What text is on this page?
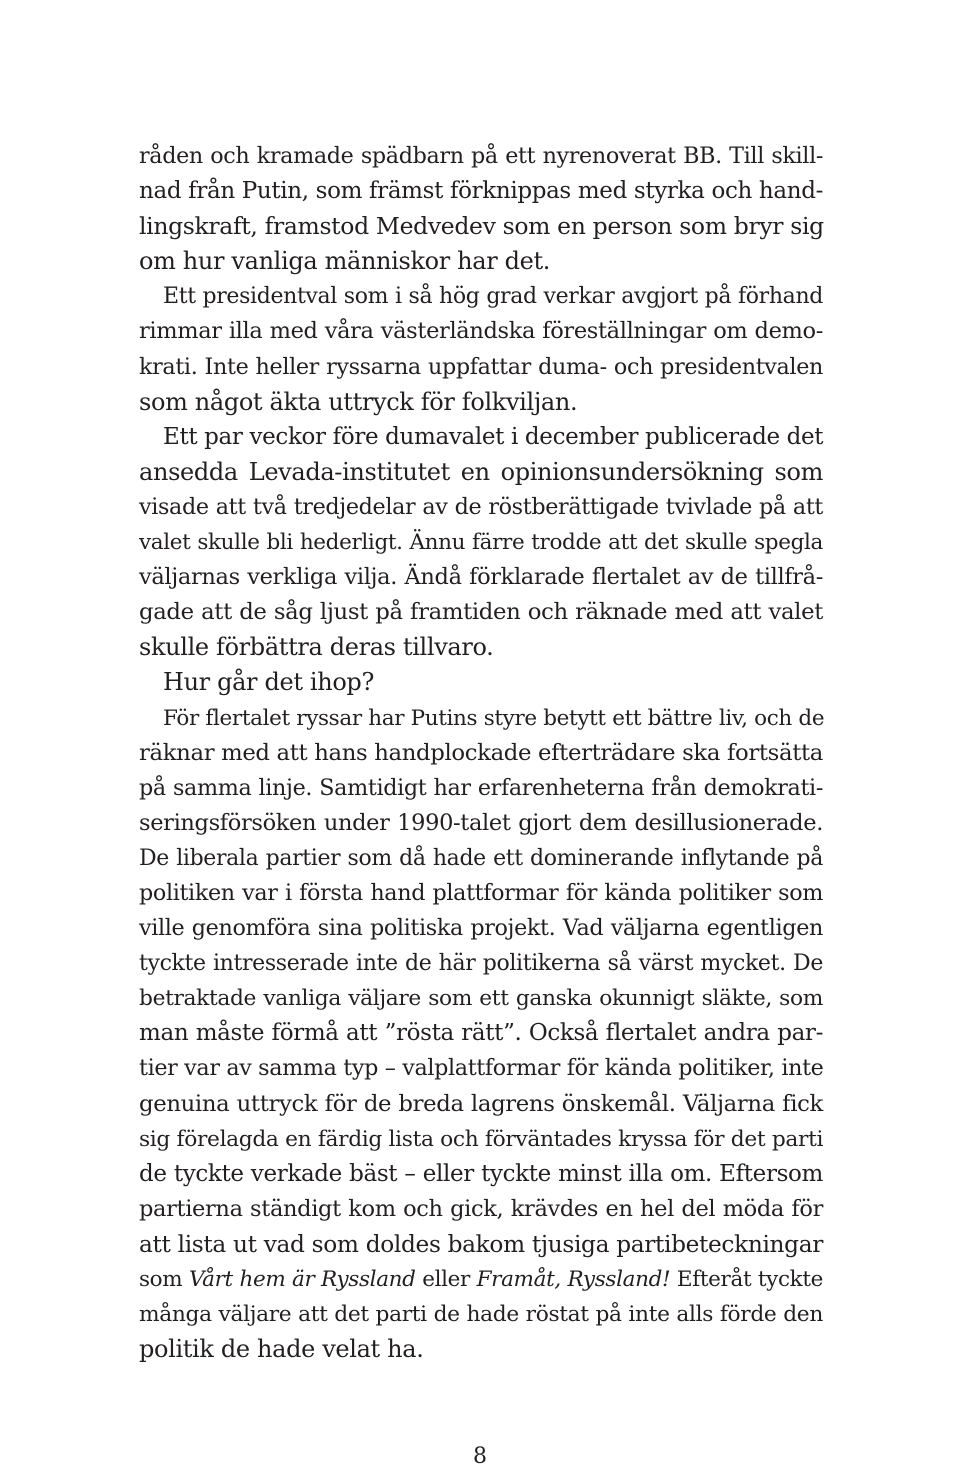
råden och kramade spädbarn på ett nyrenoverat BB. Till skill-
nad från Putin, som främst förknippas med styrka och hand-
lingskraft, framstod Medvedev som en person som bryr sig
om hur vanliga människor har det.
Ett presidentval som i så hög grad verkar avgjort på förhand
rimmar illa med våra västerländska föreställningar om demo-
krati. Inte heller ryssarna uppfattar duma- och presidentvalen
som något äkta uttryck för folkviljan.
Ett par veckor före dumavalet i december publicerade det
ansedda Levada-institutet en opinionsundersökning som
visade att två tredjedelar av de röstberättigade tvivlade på att
valet skulle bli hederligt. Ännu färre trodde att det skulle spegla
väljarnas verkliga vilja. Ändå förklarade flertalet av de tillfrå-
gade att de såg ljust på framtiden och räknade med att valet
skulle förbättra deras tillvaro.
Hur går det ihop?
För flertalet ryssar har Putins styre betytt ett bättre liv, och de
räknar med att hans handplockade efterträdare ska fortsätta
på samma linje. Samtidigt har erfarenheterna från demokrati-
seringsförsöken under 1990-talet gjort dem desillusionerade.
De liberala partier som då hade ett dominerande inflytande på
politiken var i första hand plattformar för kända politiker som
ville genomföra sina politiska projekt. Vad väljarna egentligen
tyckte intresserade inte de här politikerna så värst mycket. De
betraktade vanliga väljare som ett ganska okunnigt släkte, som
man måste förmå att ”rösta rätt”. Också flertalet andra par-
tier var av samma typ – valplattformar för kända politiker, inte
genuina uttryck för de breda lagrens önskemål. Väljarna fick
sig förelagda en färdig lista och förväntades kryssa för det parti
de tyckte verkade bäst – eller tyckte minst illa om. Eftersom
partierna ständigt kom och gick, krävdes en hel del möda för
att lista ut vad som doldes bakom tjusiga partibeteckningar
som Vårt hem är Ryssland eller Framåt, Ryssland! Efteråt tyckte
många väljare att det parti de hade röstat på inte alls förde den
politik de hade velat ha.
8
